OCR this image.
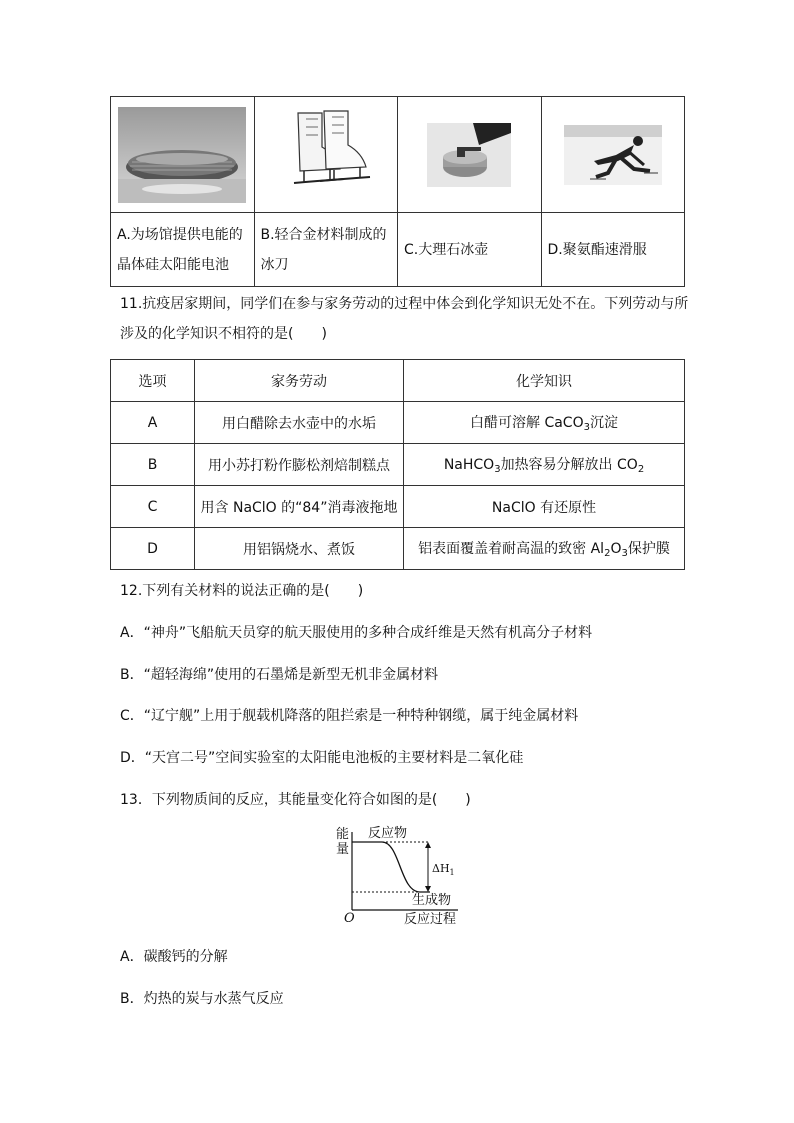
A.为场馆提供电能的晶体硅太阳能电池	B.轻合金材料制成的冰刀	C.大理石冰壶	D.聚氨酯速滑服
11.抗疫居家期间，同学们在参与家务劳动的过程中体会到化学知识无处不在。下列劳动与所涉及的化学知识不相符的是(　　)
选项	家务劳动	化学知识
A	用白醋除去水壶中的水垢	白醋可溶解 CaCO$_3$沉淀
B	用小苏打粉作膨松剂焙制糕点	NaHCO$_3$加热容易分解放出 $CO_2$
C	用含 NaClO 的“84”消毒液拖地	NaClO 有还原性
D	用铝锅烧水、煮饭	铝表面覆盖着耐高温的致密 $Al_2O_3$保护膜
12.下列有关材料的说法正确的是(　　)
A．“神舟”飞船航天员穿的航天服使用的多种合成纤维是天然有机高分子材料
B．“超轻海绵”使用的石墨烯是新型无机非金属材料
C．“辽宁舰”上用于舰载机降落的阻拦索是一种特种钢缆，属于纯金属材料
D．“天宫二号”空间实验室的太阳能电池板的主要材料是二氧化硅
13．下列物质间的反应，其能量变化符合如图的是(　　)
能
量
反应物
生成物
O	反应过程
$\Delta H_1$
A．碳酸钙的分解
B．灼热的炭与水蒸气反应
